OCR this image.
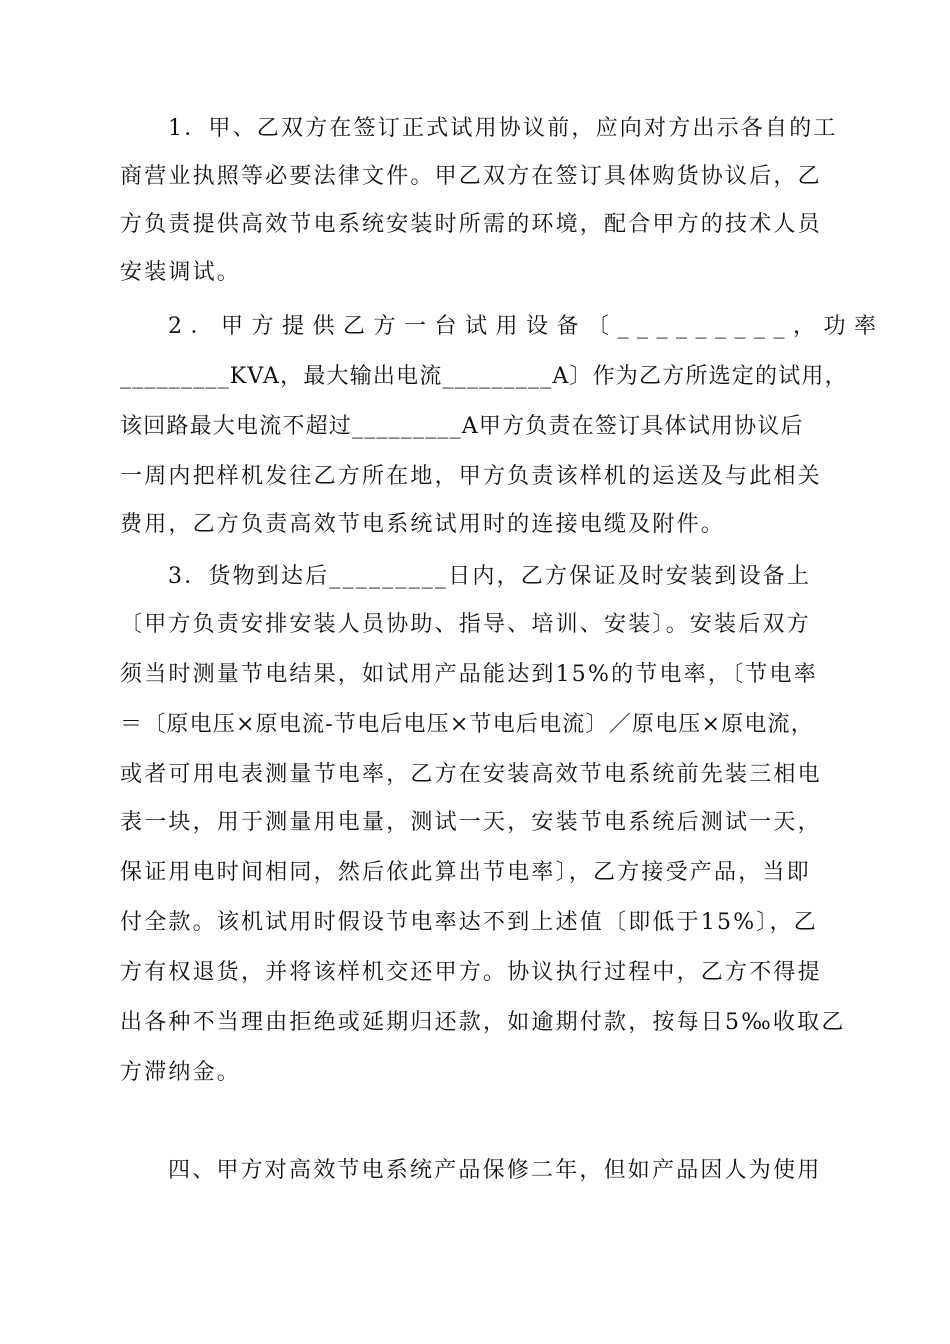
1．甲、乙双方在签订正式试用协议前，应向对方出示各自的工
商营业执照等必要法律文件。甲乙双方在签订具体购货协议后，乙
方负责提供高效节电系统安装时所需的环境，配合甲方的技术人员
安装调试。
2．甲方提供乙方一台试用设备〔_________，功率
_________KVA，最大输出电流_________A〕作为乙方所选定的试用，
该回路最大电流不超过_________A甲方负责在签订具体试用协议后
一周内把样机发往乙方所在地，甲方负责该样机的运送及与此相关
费用，乙方负责高效节电系统试用时的连接电缆及附件。
3．货物到达后_________日内，乙方保证及时安装到设备上
〔甲方负责安排安装人员协助、指导、培训、安装〕。安装后双方
须当时测量节电结果，如试用产品能达到15%的节电率，〔节电率
＝〔原电压×原电流-节电后电压×节电后电流〕／原电压×原电流，
或者可用电表测量节电率，乙方在安装高效节电系统前先装三相电
表一块，用于测量用电量，测试一天，安装节电系统后测试一天，
保证用电时间相同，然后依此算出节电率〕，乙方接受产品，当即
付全款。该机试用时假设节电率达不到上述值〔即低于15%〕，乙
方有权退货，并将该样机交还甲方。协议执行过程中，乙方不得提
出各种不当理由拒绝或延期归还款，如逾期付款，按每日5‰收取乙
方滞纳金。
四、甲方对高效节电系统产品保修二年，但如产品因人为使用
